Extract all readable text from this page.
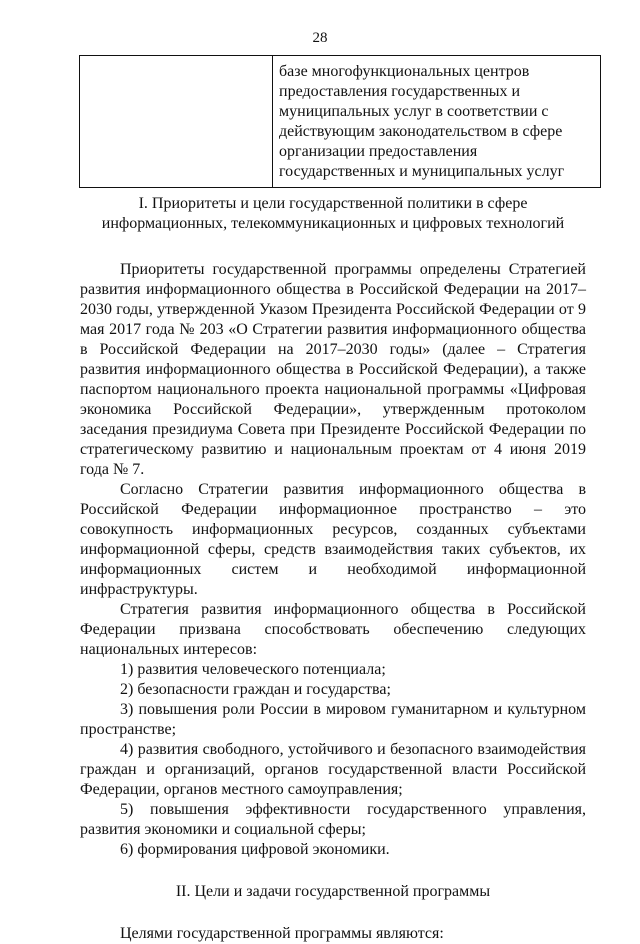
28
	базе многофункциональных центров предоставления государственных и муниципальных услуг в соответствии с действующим законодательством в сфере организации предоставления государственных и муниципальных услуг

I. Приоритеты и цели государственной политики в сфере информационных, телекоммуникационных и цифровых технологий

Приоритеты государственной программы определены Стратегией развития информационного общества в Российской Федерации на 2017–2030 годы, утвержденной Указом Президента Российской Федерации от 9 мая 2017 года № 203 «О Стратегии развития информационного общества в Российской Федерации на 2017–2030 годы» (далее – Стратегия развития информационного общества в Российской Федерации), а также паспортом национального проекта национальной программы «Цифровая экономика Российской Федерации», утвержденным протоколом заседания президиума Совета при Президенте Российской Федерации по стратегическому развитию и национальным проектам от 4 июня 2019 года № 7.

Согласно Стратегии развития информационного общества в Российской Федерации информационное пространство – это совокупность информационных ресурсов, созданных субъектами информационной сферы, средств взаимодействия таких субъектов, их информационных систем и необходимой информационной инфраструктуры.

Стратегия развития информационного общества в Российской Федерации призвана способствовать обеспечению следующих национальных интересов:

1) развития человеческого потенциала;

2) безопасности граждан и государства;

3) повышения роли России в мировом гуманитарном и культурном пространстве;

4) развития свободного, устойчивого и безопасного взаимодействия граждан и организаций, органов государственной власти Российской Федерации, органов местного самоуправления;

5) повышения эффективности государственного управления, развития экономики и социальной сферы;

6) формирования цифровой экономики.

II. Цели и задачи государственной программы

Целями государственной программы являются:
